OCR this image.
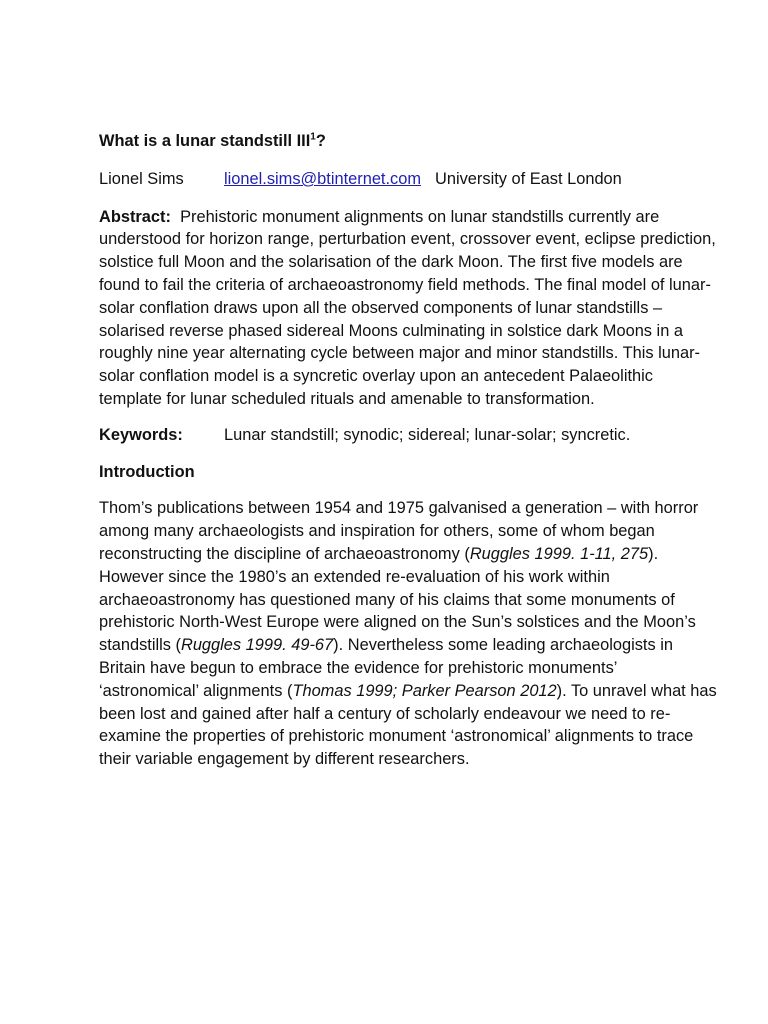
What is a lunar standstill III$^1$?
Lionel Sims	lionel.sims@btinternet.com University of East London

Abstract: Prehistoric monument alignments on lunar standstills currently are understood for horizon range, perturbation event, crossover event, eclipse prediction, solstice full Moon and the solarisation of the dark Moon. The first five models are found to fail the criteria of archaeoastronomy field methods. The final model of lunar-solar conflation draws upon all the observed components of lunar standstills – solarised reverse phased sidereal Moons culminating in solstice dark Moons in a roughly nine year alternating cycle between major and minor standstills. This lunar-solar conflation model is a syncretic overlay upon an antecedent Palaeolithic template for lunar scheduled rituals and amenable to transformation.

Keywords:	Lunar standstill; synodic; sidereal; lunar-solar; syncretic.
Introduction

Thom’s publications between 1954 and 1975 galvanised a generation – with horror among many archaeologists and inspiration for others, some of whom began reconstructing the discipline of archaeoastronomy (Ruggles 1999. 1-11, 275). However since the 1980’s an extended re-evaluation of his work within archaeoastronomy has questioned many of his claims that some monuments of prehistoric North-West Europe were aligned on the Sun’s solstices and the Moon’s standstills (Ruggles 1999. 49-67). Nevertheless some leading archaeologists in Britain have begun to embrace the evidence for prehistoric monuments’ ‘astronomical’ alignments (Thomas 1999; Parker Pearson 2012). To unravel what has been lost and gained after half a century of scholarly endeavour we need to re-examine the properties of prehistoric monument ‘astronomical’ alignments to trace their variable engagement by different researchers.
